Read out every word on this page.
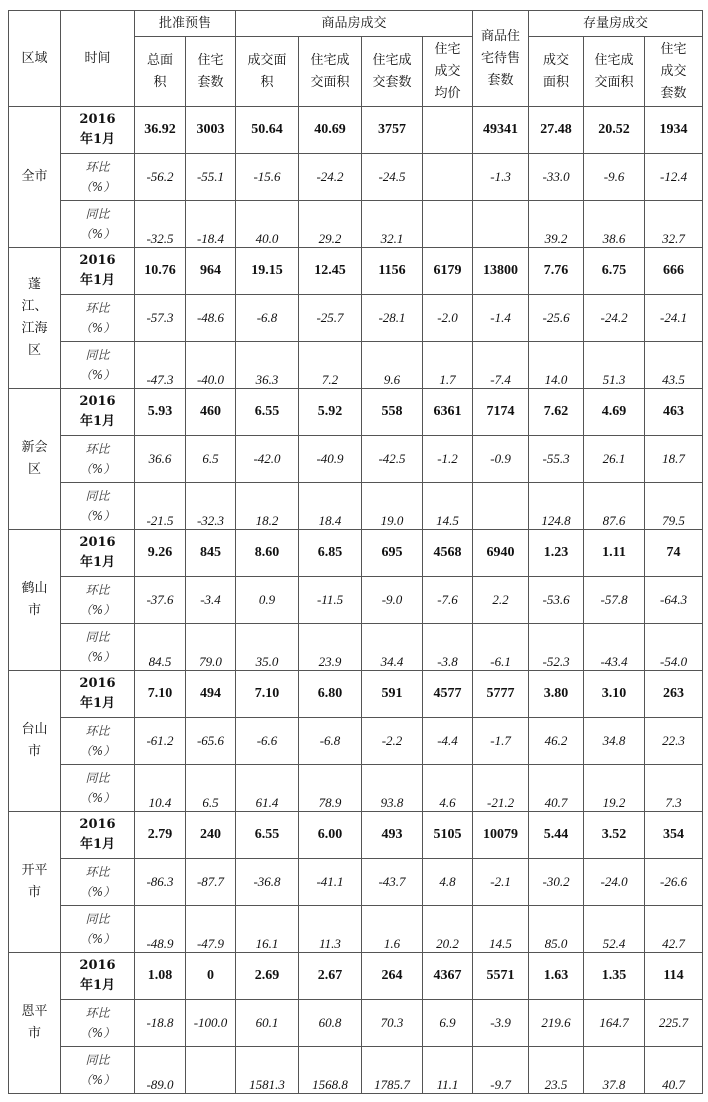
区域	时间	批准预售		商品房成交				商品住宅待售套数	存量房成交		
		总面积	住宅套数	成交面积	住宅成交面积	住宅成交套数	住宅成交均价		成交面积	住宅成交面积	住宅成交套数
全市	2016年1月	36.92	3003	50.64	40.69	3757		49341	27.48	20.52	1934
	环比（%）	-56.2	-55.1	-15.6	-24.2	-24.5		-1.3	-33.0	-9.6	-12.4
	同比（%）	-32.5	-18.4	40.0	29.2	32.1			39.2	38.6	32.7
蓬江、江海区	2016年1月	10.76	964	19.15	12.45	1156	6179	13800	7.76	6.75	666
	环比（%）	-57.3	-48.6	-6.8	-25.7	-28.1	-2.0	-1.4	-25.6	-24.2	-24.1
	同比（%）	-47.3	-40.0	36.3	7.2	9.6	1.7	-7.4	14.0	51.3	43.5
新会区	2016年1月	5.93	460	6.55	5.92	558	6361	7174	7.62	4.69	463
	环比（%）	36.6	6.5	-42.0	-40.9	-42.5	-1.2	-0.9	-55.3	26.1	18.7
	同比（%）	-21.5	-32.3	18.2	18.4	19.0	14.5		124.8	87.6	79.5
鹤山市	2016年1月	9.26	845	8.60	6.85	695	4568	6940	1.23	1.11	74
	环比（%）	-37.6	-3.4	0.9	-11.5	-9.0	-7.6	2.2	-53.6	-57.8	-64.3
	同比（%）	84.5	79.0	35.0	23.9	34.4	-3.8	-6.1	-52.3	-43.4	-54.0
台山市	2016年1月	7.10	494	7.10	6.80	591	4577	5777	3.80	3.10	263
	环比（%）	-61.2	-65.6	-6.6	-6.8	-2.2	-4.4	-1.7	46.2	34.8	22.3
	同比（%）	10.4	6.5	61.4	78.9	93.8	4.6	-21.2	40.7	19.2	7.3
开平市	2016年1月	2.79	240	6.55	6.00	493	5105	10079	5.44	3.52	354
	环比（%）	-86.3	-87.7	-36.8	-41.1	-43.7	4.8	-2.1	-30.2	-24.0	-26.6
	同比（%）	-48.9	-47.9	16.1	11.3	1.6	20.2	14.5	85.0	52.4	42.7
恩平市	2016年1月	1.08	0	2.69	2.67	264	4367	5571	1.63	1.35	114
	环比（%）	-18.8	-100.0	60.1	60.8	70.3	6.9	-3.9	219.6	164.7	225.7
	同比（%）	-89.0		1581.3	1568.8	1785.7	11.1	-9.7	23.5	37.8	40.7
